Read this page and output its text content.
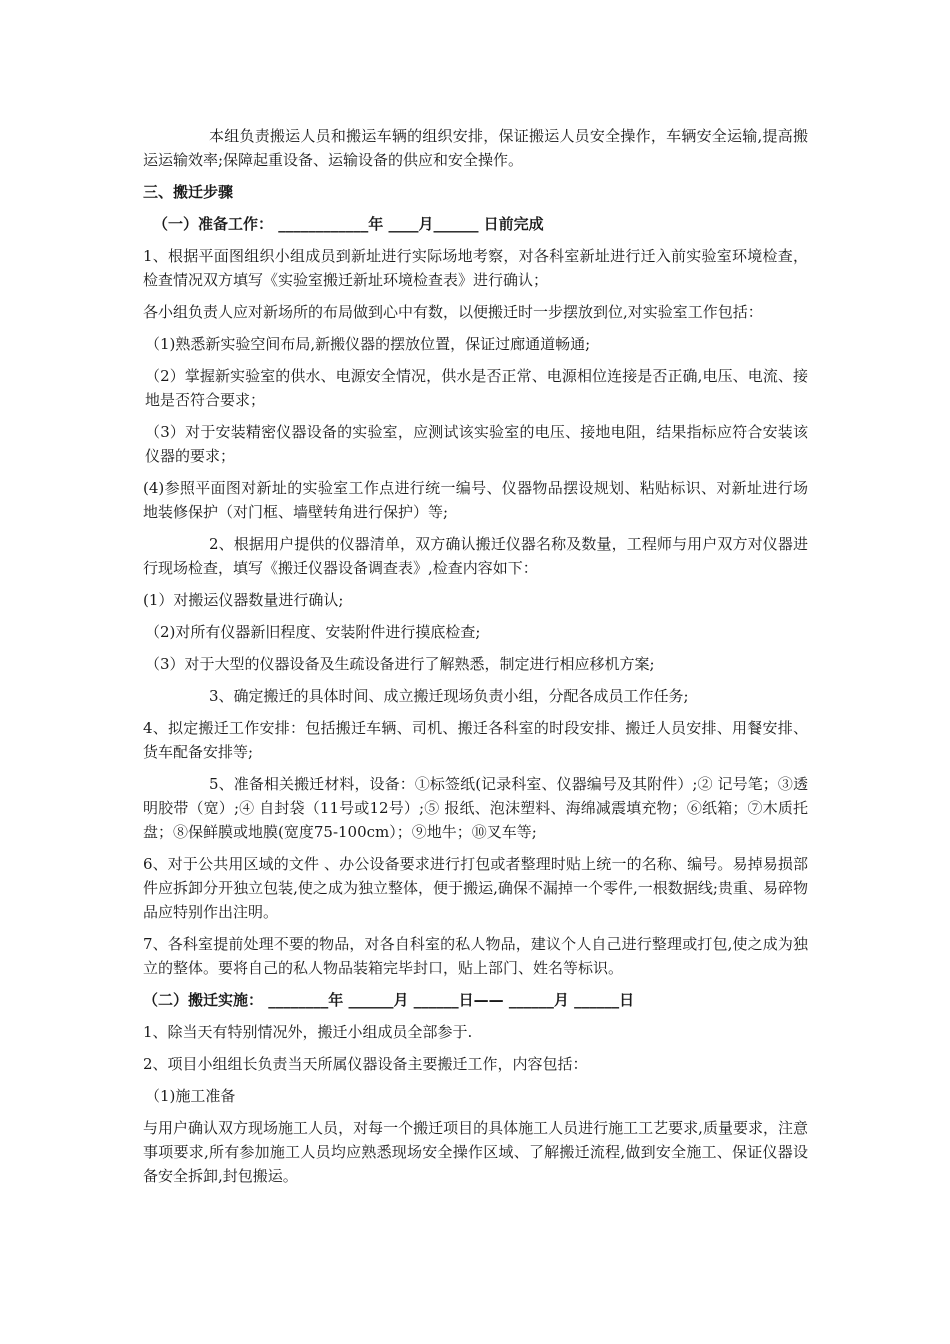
本组负责搬运人员和搬运车辆的组织安排，保证搬运人员安全操作，车辆安全运输,提高搬运运输效率;保障起重设备、运输设备的供应和安全操作。

三、搬迁步骤

（一）准备工作： ____________年 ____月______ 日前完成

1、根据平面图组织小组成员到新址进行实际场地考察，对各科室新址进行迁入前实验室环境检查，检查情况双方填写《实验室搬迁新址环境检查表》进行确认；

各小组负责人应对新场所的布局做到心中有数，以便搬迁时一步摆放到位,对实验室工作包括：

（1)熟悉新实验空间布局,新搬仪器的摆放位置，保证过廊通道畅通;

（2）掌握新实验室的供水、电源安全情况，供水是否正常、电源相位连接是否正确,电压、电流、接地是否符合要求；

（3）对于安装精密仪器设备的实验室，应测试该实验室的电压、接地电阻，结果指标应符合安装该仪器的要求；

(4)参照平面图对新址的实验室工作点进行统一编号、仪器物品摆设规划、粘贴标识、对新址进行场地装修保护（对门框、墙壁转角进行保护）等;

2、根据用户提供的仪器清单，双方确认搬迁仪器名称及数量，工程师与用户双方对仪器进行现场检查，填写《搬迁仪器设备调查表》,检查内容如下：

(1）对搬运仪器数量进行确认;

（2)对所有仪器新旧程度、安装附件进行摸底检查;

（3）对于大型的仪器设备及生疏设备进行了解熟悉，制定进行相应移机方案;

3、确定搬迁的具体时间、成立搬迁现场负责小组，分配各成员工作任务;

4、拟定搬迁工作安排：包括搬迁车辆、司机、搬迁各科室的时段安排、搬迁人员安排、用餐安排、货车配备安排等;

5、准备相关搬迁材料，设备：①标签纸(记录科室、仪器编号及其附件）;② 记号笔；③透明胶带（宽）;④ 自封袋（11号或12号）;⑤ 报纸、泡沫塑料、海绵减震填充物；⑥纸箱；⑦木质托盘；⑧保鲜膜或地膜(宽度75-100cm）；⑨地牛；⑩叉车等;

6、对于公共用区域的文件 、办公设备要求进行打包或者整理时贴上统一的名称、编号。易掉易损部件应拆卸分开独立包装,使之成为独立整体，便于搬运,确保不漏掉一个零件,一根数据线;贵重、易碎物品应特别作出注明。

7、各科室提前处理不要的物品，对各自科室的私人物品，建议个人自己进行整理或打包,使之成为独立的整体。要将自己的私人物品装箱完毕封口，贴上部门、姓名等标识。

（二）搬迁实施： ________年 ______月 ______日—— ______月 ______日

1、除当天有特别情况外，搬迁小组成员全部参于.

2、项目小组组长负责当天所属仪器设备主要搬迁工作，内容包括：

（1)施工准备

与用户确认双方现场施工人员，对每一个搬迁项目的具体施工人员进行施工工艺要求,质量要求，注意事项要求,所有参加施工人员均应熟悉现场安全操作区域、了解搬迁流程,做到安全施工、保证仪器设备安全拆卸,封包搬运。
